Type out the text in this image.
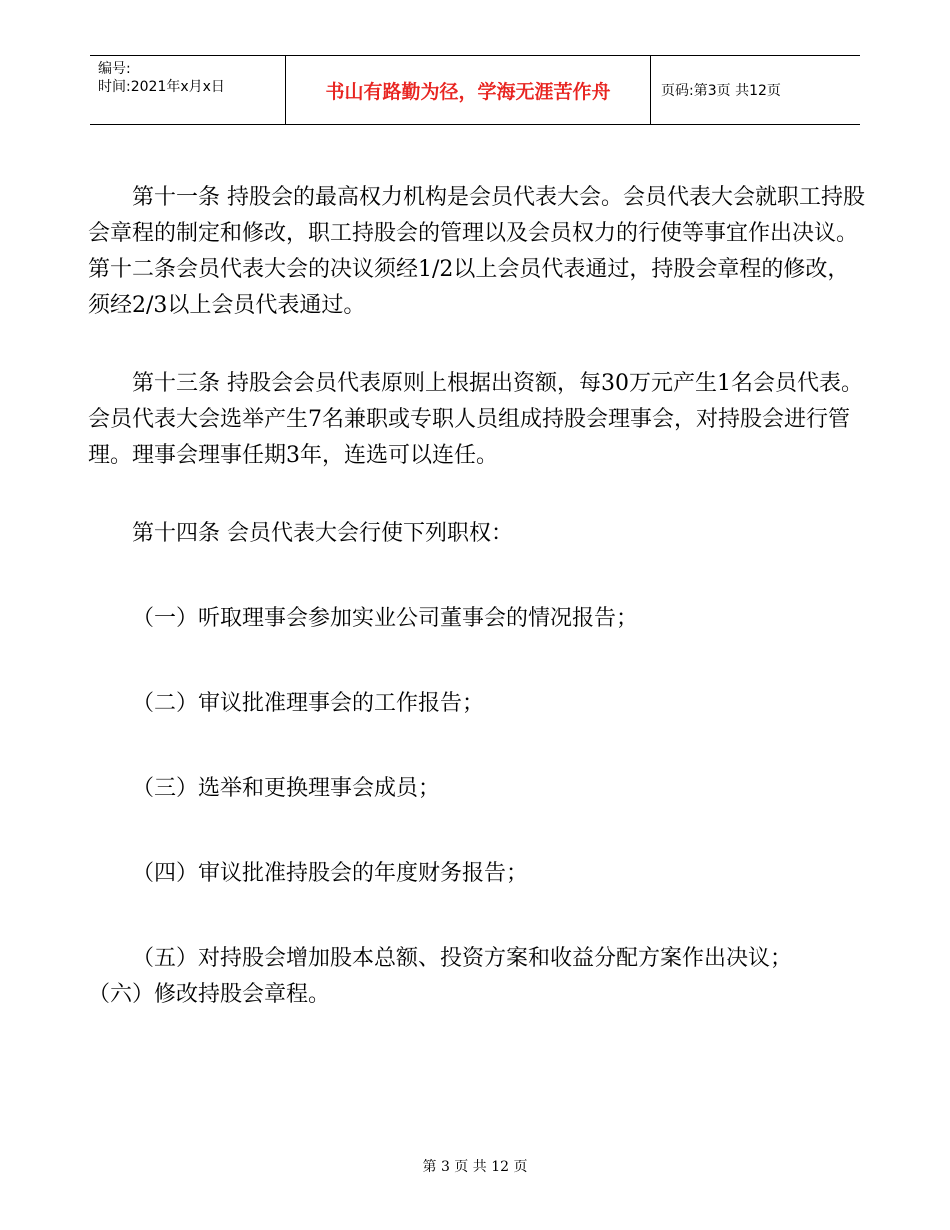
编号:
时间:2021年x月x日	书山有路勤为径，学海无涯苦作舟	页码:第3页 共12页

第十一条 持股会的最高权力机构是会员代表大会。会员代表大会就职工持股会章程的制定和修改，职工持股会的管理以及会员权力的行使等事宜作出决议。第十二条会员代表大会的决议须经1/2以上会员代表通过，持股会章程的修改，须经2/3以上会员代表通过。

第十三条 持股会会员代表原则上根据出资额，每30万元产生1名会员代表。会员代表大会选举产生7名兼职或专职人员组成持股会理事会，对持股会进行管理。理事会理事任期3年，连选可以连任。

第十四条 会员代表大会行使下列职权：

（一）听取理事会参加实业公司董事会的情况报告；

（二）审议批准理事会的工作报告；

（三）选举和更换理事会成员；

（四）审议批准持股会的年度财务报告；

（五）对持股会增加股本总额、投资方案和收益分配方案作出决议；

（六）修改持股会章程。

第 3 页 共 12 页
